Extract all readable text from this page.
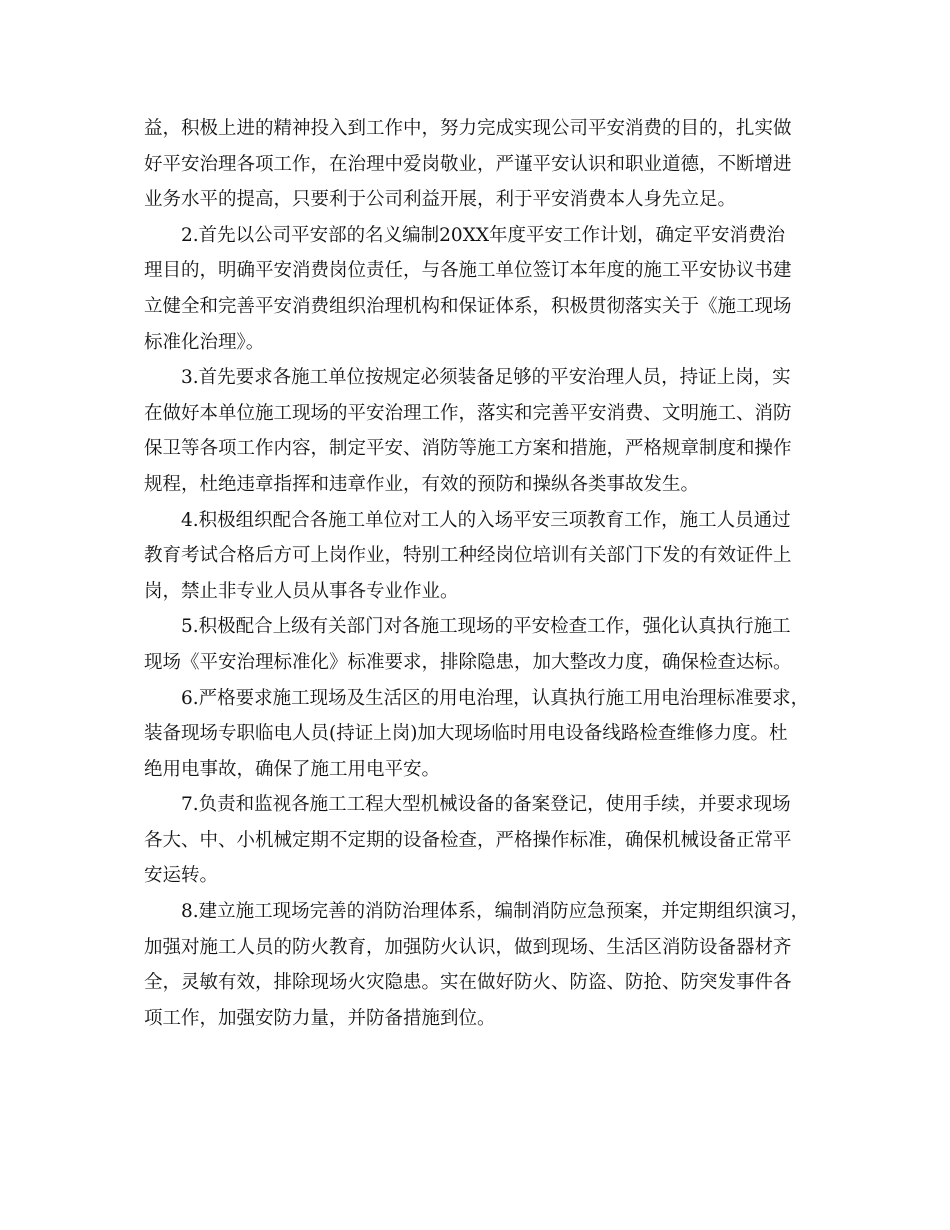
益，积极上进的精神投入到工作中，努力完成实现公司平安消费的目的，扎实做
好平安治理各项工作，在治理中爱岗敬业，严谨平安认识和职业道德，不断增进
业务水平的提高，只要利于公司利益开展，利于平安消费本人身先立足。
2.首先以公司平安部的名义编制20XX年度平安工作计划，确定平安消费治
理目的，明确平安消费岗位责任，与各施工单位签订本年度的施工平安协议书建
立健全和完善平安消费组织治理机构和保证体系，积极贯彻落实关于《施工现场
标准化治理》。
3.首先要求各施工单位按规定必须装备足够的平安治理人员，持证上岗，实
在做好本单位施工现场的平安治理工作，落实和完善平安消费、文明施工、消防
保卫等各项工作内容，制定平安、消防等施工方案和措施，严格规章制度和操作
规程，杜绝违章指挥和违章作业，有效的预防和操纵各类事故发生。
4.积极组织配合各施工单位对工人的入场平安三项教育工作，施工人员通过
教育考试合格后方可上岗作业，特别工种经岗位培训有关部门下发的有效证件上
岗，禁止非专业人员从事各专业作业。
5.积极配合上级有关部门对各施工现场的平安检查工作，强化认真执行施工
现场《平安治理标准化》标准要求，排除隐患，加大整改力度，确保检查达标。
6.严格要求施工现场及生活区的用电治理，认真执行施工用电治理标准要求，
装备现场专职临电人员(持证上岗)加大现场临时用电设备线路检查维修力度。杜
绝用电事故，确保了施工用电平安。
7.负责和监视各施工工程大型机械设备的备案登记，使用手续，并要求现场
各大、中、小机械定期不定期的设备检查，严格操作标准，确保机械设备正常平
安运转。
8.建立施工现场完善的消防治理体系，编制消防应急预案，并定期组织演习，
加强对施工人员的防火教育，加强防火认识，做到现场、生活区消防设备器材齐
全，灵敏有效，排除现场火灾隐患。实在做好防火、防盗、防抢、防突发事件各
项工作，加强安防力量，并防备措施到位。
